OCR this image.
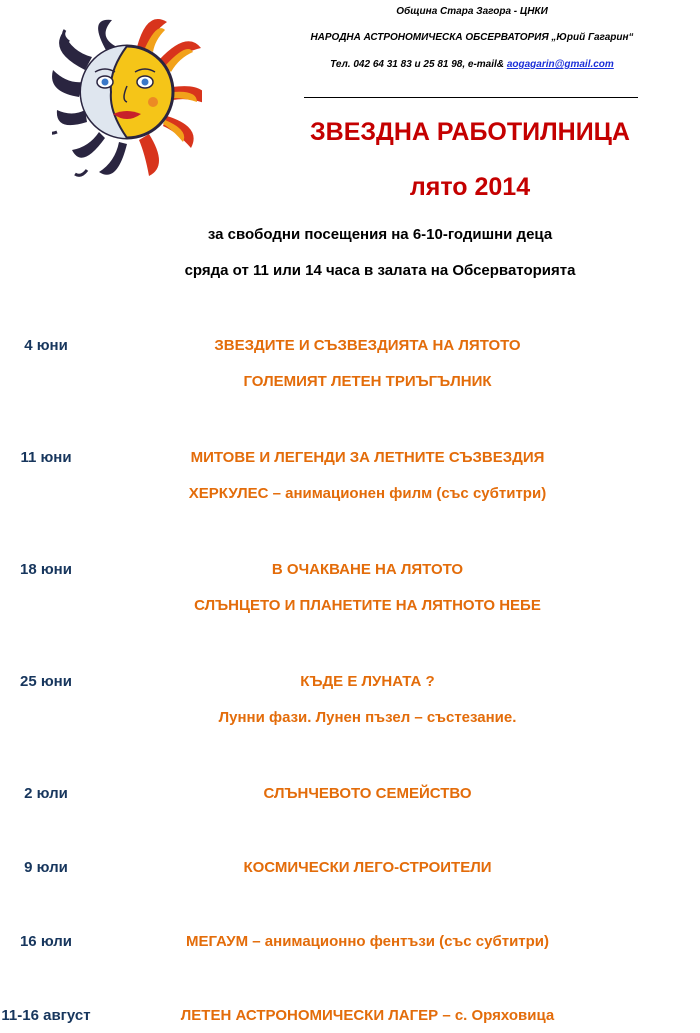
Община Стара Загора - ЦНКИ
НАРОДНА АСТРОНОМИЧЕСКА ОБСЕРВАТОРИЯ „Юрий Гагарин“
Тел. 042 64 31 83 и 25 81 98, e-mail& aogagarin@gmail.com
ЗВЕЗДНА РАБОТИЛНИЦА
лято 2014
за свободни посещения на 6-10-годишни деца
сряда от 11 или 14 часа в залата на Обсерваторията
4 юни	ЗВЕЗДИТЕ И СЪЗВЕЗДИЯТА НА ЛЯТОТО
ГОЛЕМИЯТ ЛЕТЕН ТРИЪГЪЛНИК
11 юни	МИТОВЕ И ЛЕГЕНДИ ЗА ЛЕТНИТЕ СЪЗВЕЗДИЯ
ХЕРКУЛЕС – анимационен филм (със субтитри)
18 юни	В ОЧАКВАНЕ НА ЛЯТОТО
СЛЪНЦЕТО И ПЛАНЕТИТЕ НА ЛЯТНОТО НЕБЕ
25 юни	КЪДЕ Е ЛУНАТА ?
Лунни фази. Лунен пъзел – състезание.
2 юли	СЛЪНЧЕВОТО СЕМЕЙСТВО
9 юли	КОСМИЧЕСКИ ЛЕГО-СТРОИТЕЛИ
16 юли	МЕГАУМ – анимационно фентъзи (със субтитри)
11-16 август	ЛЕТЕН АСТРОНОМИЧЕСКИ ЛАГЕР – с. Оряховица
